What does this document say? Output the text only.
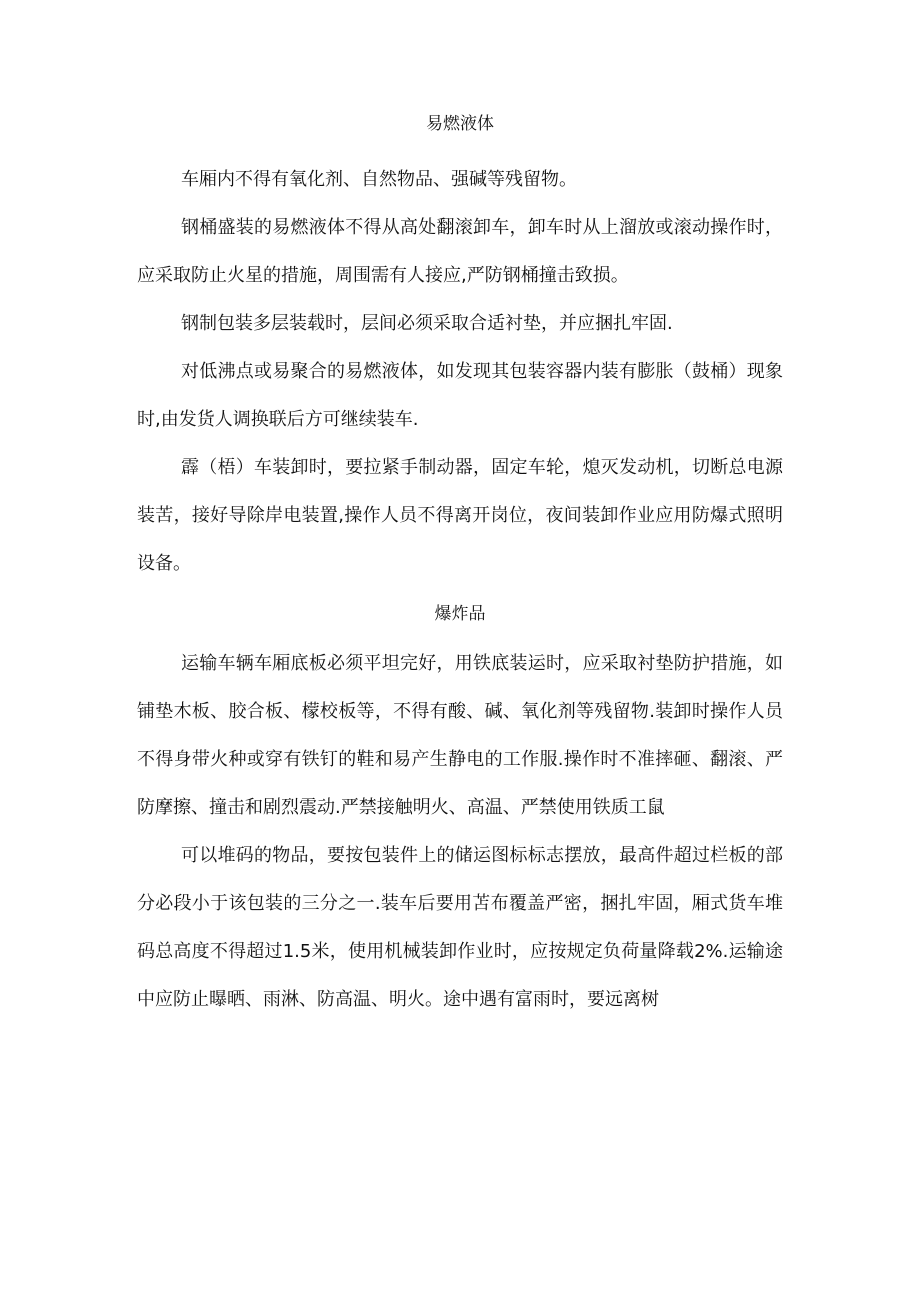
易燃液体

车厢内不得有氧化剂、自然物品、强碱等残留物。

钢桶盛装的易燃液体不得从高处翻滚卸车，卸车时从上溜放或滚动操作时，应采取防止火星的措施，周围需有人接应,严防钢桶撞击致损。

钢制包装多层装载时，层间必须采取合适衬垫，并应捆扎牢固.

对低沸点或易聚合的易燃液体，如发现其包装容器内装有膨胀（鼓桶）现象时,由发货人调换联后方可继续装车.

霹（梧）车装卸时，要拉紧手制动器，固定车轮，熄灭发动机，切断总电源装苦，接好导除岸电装置,操作人员不得离开岗位，夜间装卸作业应用防爆式照明设备。

爆炸品

运输车辆车厢底板必须平坦完好，用铁底装运时，应采取衬垫防护措施，如铺垫木板、胶合板、檬校板等，不得有酸、碱、氧化剂等残留物.装卸时操作人员不得身带火种或穿有铁钉的鞋和易产生静电的工作服.操作时不准摔砸、翻滚、严防摩擦、撞击和剧烈震动.严禁接触明火、高温、严禁使用铁质工鼠

可以堆码的物品，要按包装件上的储运图标标志摆放，最高件超过栏板的部分必段小于该包装的三分之一.装车后要用苫布覆盖严密，捆扎牢固，厢式货车堆码总高度不得超过1.5米，使用机械装卸作业时，应按规定负荷量降载2%.运输途中应防止曝晒、雨淋、防高温、明火。途中遇有富雨时，要远离树
